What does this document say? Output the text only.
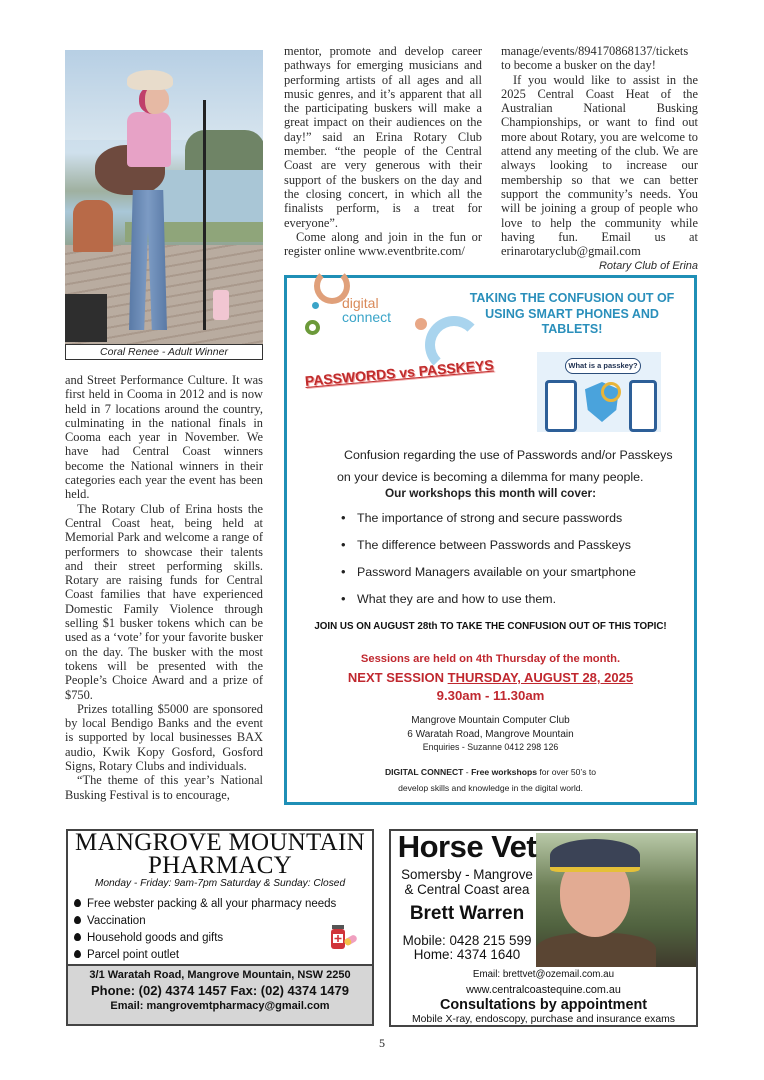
Coral Renee - Adult Winner

and Street Performance Culture. It was first held in Cooma in 2012 and is now held in 7 locations around the country, culminating in the national finals in Cooma each year in November. We have had Central Coast winners become the National winners in their categories each year the event has been held.

The Rotary Club of Erina hosts the Central Coast heat, being held at Memorial Park and welcome a range of performers to showcase their talents and their street performing skills. Rotary are raising funds for Central Coast families that have experienced Domestic Family Violence through selling $1 busker tokens which can be used as a ‘vote’ for your favorite busker on the day. The busker with the most tokens will be presented with the People’s Choice Award and a prize of $750.

Prizes totalling $5000 are sponsored by local Bendigo Banks and the event is supported by local businesses BAX audio, Kwik Kopy Gosford, Gosford Signs, Rotary Clubs and individuals.

“The theme of this year’s National Busking Festival is to encourage,

mentor, promote and develop career pathways for emerging musicians and performing artists of all ages and all music genres, and it’s apparent that all the participating buskers will make a great impact on their audiences on the day!” said an Erina Rotary Club member. “the people of the Central Coast are very generous with their support of the buskers on the day and the closing concert, in which all the finalists perform, is a treat for everyone”.

Come along and join in the fun or register online www.eventbrite.com/

manage/events/894170868137/tickets to become a busker on the day!

If you would like to assist in the 2025 Central Coast Heat of the Australian National Busking Championships, or want to find out more about Rotary, you are welcome to attend any meeting of the club. We are always looking to increase our membership so that we can better support the community’s needs. You will be joining a group of people who love to help the community while having fun. Email us at erinarotaryclub@gmail.com

Rotary Club of Erina
digital
connect
TAKING THE CONFUSION OUT OF USING SMART PHONES AND TABLETS!
PASSWORDS vs PASSKEYS	What is a passkey?
Confusion regarding the use of Passwords and/or Passkeys
on your device is becoming a dilemma for many people.
Our workshops this month will cover:
• The importance of strong and secure passwords
• The difference between Passwords and Passkeys
• Password Managers available on your smartphone
• What they are and how to use them.
JOIN US ON AUGUST 28th TO TAKE THE CONFUSION OUT OF THIS TOPIC!
Sessions are held on 4th Thursday of the month.
NEXT SESSION THURSDAY, AUGUST 28, 2025
9.30am - 11.30am
Mangrove Mountain Computer Club
6 Waratah Road, Mangrove Mountain
Enquiries - Suzanne 0412 298 126
DIGITAL CONNECT - Free workshops for over 50’s to
develop skills and knowledge in the digital world.
MANGROVE MOUNTAIN
PHARMACY
Monday - Friday: 9am-7pm Saturday & Sunday: Closed
Free webster packing & all your pharmacy needs
Vaccination
Household goods and gifts
Parcel point outlet
3/1 Waratah Road, Mangrove Mountain, NSW 2250
Phone: (02) 4374 1457 Fax: (02) 4374 1479
Email: mangrovemtpharmacy@gmail.com
Horse Vet
Somersby - Mangrove
& Central Coast area
Brett Warren
Mobile: 0428 215 599
Home: 4374 1640
Email: brettvet@ozemail.com.au
www.centralcoastequine.com.au
Consultations by appointment
Mobile X-ray, endoscopy, purchase and insurance exams
5
